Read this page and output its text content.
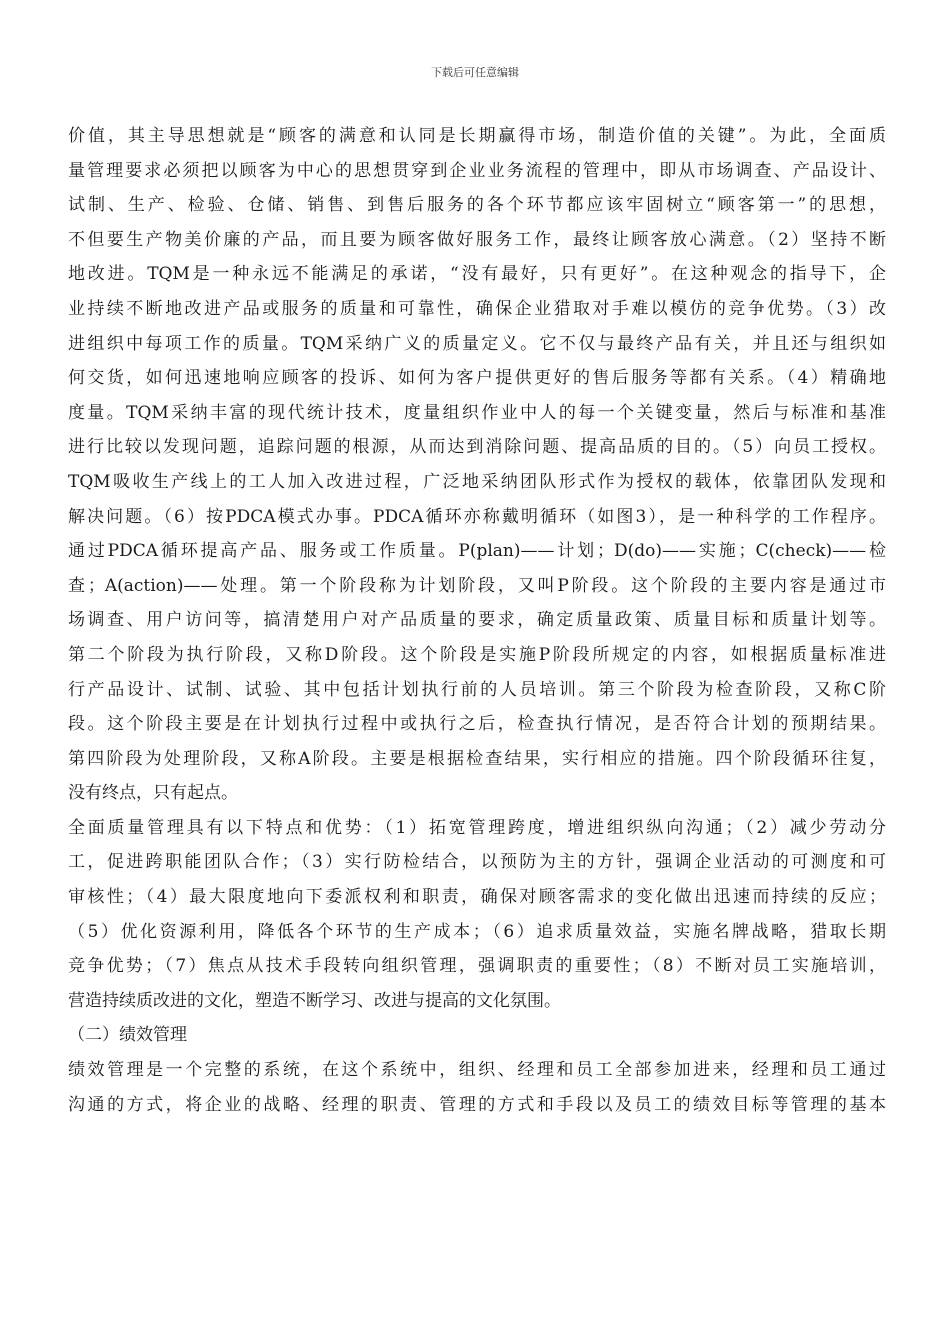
下载后可任意编辑
价值，其主导思想就是“顾客的满意和认同是长期赢得市场，制造价值的关键”。为此，全面质
量管理要求必须把以顾客为中心的思想贯穿到企业业务流程的管理中，即从市场调查、产品设计、
试制、生产、检验、仓储、销售、到售后服务的各个环节都应该牢固树立“顾客第一”的思想，
不但要生产物美价廉的产品，而且要为顾客做好服务工作，最终让顾客放心满意。（2）坚持不断
地改进。TQM是一种永远不能满足的承诺，“没有最好，只有更好”。在这种观念的指导下，企
业持续不断地改进产品或服务的质量和可靠性，确保企业猎取对手难以模仿的竞争优势。（3）改
进组织中每项工作的质量。TQM采纳广义的质量定义。它不仅与最终产品有关，并且还与组织如
何交货，如何迅速地响应顾客的投诉、如何为客户提供更好的售后服务等都有关系。（4）精确地
度量。TQM采纳丰富的现代统计技术，度量组织作业中人的每一个关键变量，然后与标准和基准
进行比较以发现问题，追踪问题的根源，从而达到消除问题、提高品质的目的。（5）向员工授权。
TQM吸收生产线上的工人加入改进过程，广泛地采纳团队形式作为授权的载体，依靠团队发现和
解决问题。（6）按PDCA模式办事。PDCA循环亦称戴明循环（如图3），是一种科学的工作程序。
通过PDCA循环提高产品、服务或工作质量。P(plan)——计划；D(do)——实施；C(check)——检
查；A(action)——处理。第一个阶段称为计划阶段，又叫P阶段。这个阶段的主要内容是通过市
场调查、用户访问等，搞清楚用户对产品质量的要求，确定质量政策、质量目标和质量计划等。
第二个阶段为执行阶段，又称D阶段。这个阶段是实施P阶段所规定的内容，如根据质量标准进
行产品设计、试制、试验、其中包括计划执行前的人员培训。第三个阶段为检查阶段，又称C阶
段。这个阶段主要是在计划执行过程中或执行之后，检查执行情况，是否符合计划的预期结果。
第四阶段为处理阶段，又称A阶段。主要是根据检查结果，实行相应的措施。四个阶段循环往复，
没有终点，只有起点。
全面质量管理具有以下特点和优势：（1）拓宽管理跨度，增进组织纵向沟通；（2）减少劳动分
工，促进跨职能团队合作；（3）实行防检结合，以预防为主的方针，强调企业活动的可测度和可
审核性；（4）最大限度地向下委派权利和职责，确保对顾客需求的变化做出迅速而持续的反应；
（5）优化资源利用，降低各个环节的生产成本；（6）追求质量效益，实施名牌战略，猎取长期
竞争优势；（7）焦点从技术手段转向组织管理，强调职责的重要性；（8）不断对员工实施培训，
营造持续质改进的文化，塑造不断学习、改进与提高的文化氛围。
（二）绩效管理
绩效管理是一个完整的系统，在这个系统中，组织、经理和员工全部参加进来，经理和员工通过
沟通的方式，将企业的战略、经理的职责、管理的方式和手段以及员工的绩效目标等管理的基本
